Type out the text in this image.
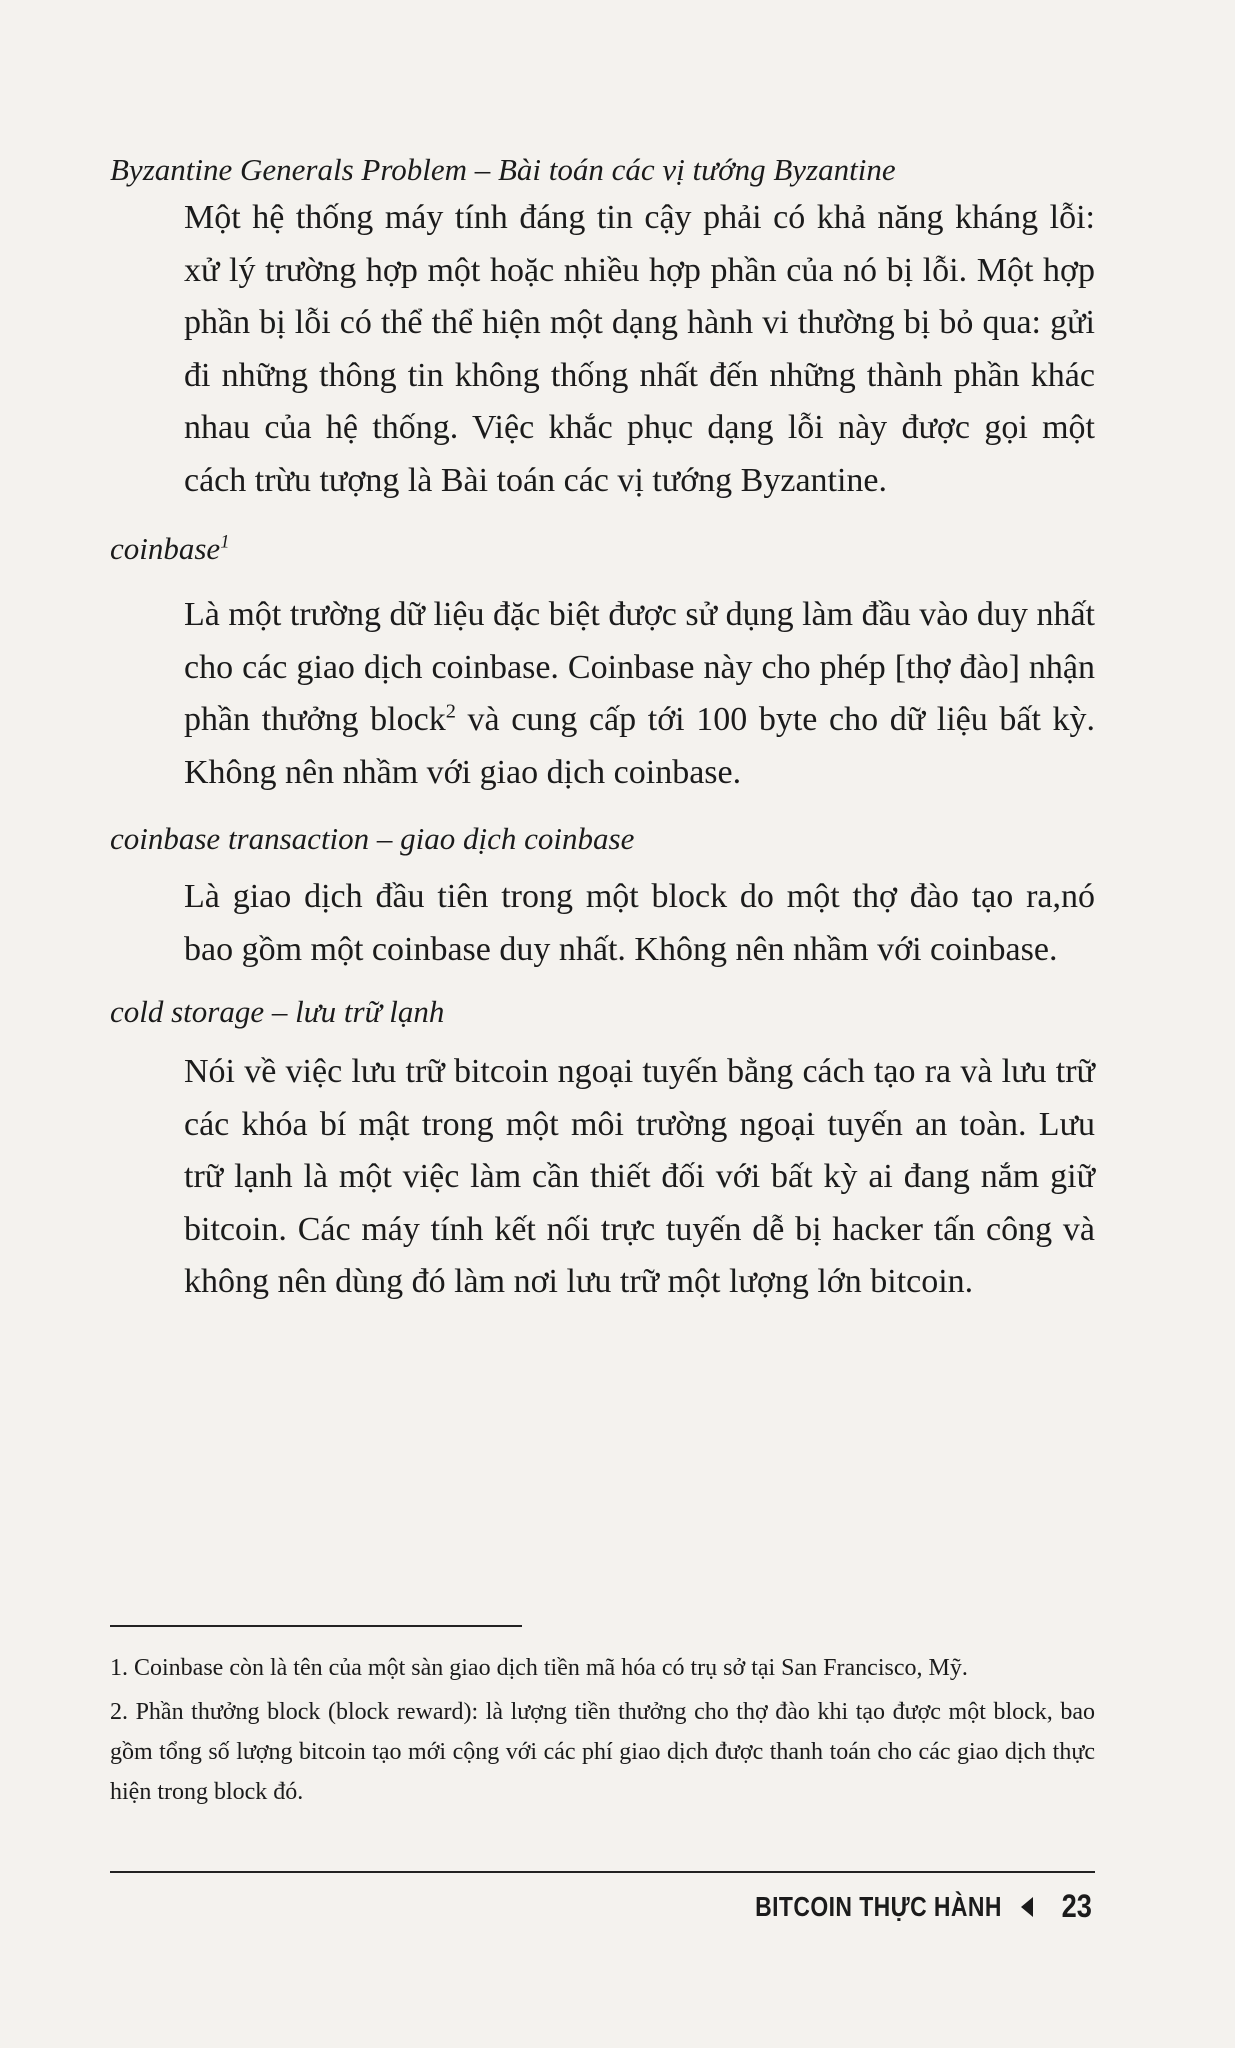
Byzantine Generals Problem – Bài toán các vị tướng Byzantine

Một hệ thống máy tính đáng tin cậy phải có khả năng kháng lỗi: xử lý trường hợp một hoặc nhiều hợp phần của nó bị lỗi. Một hợp phần bị lỗi có thể thể hiện một dạng hành vi thường bị bỏ qua: gửi đi những thông tin không thống nhất đến những thành phần khác nhau của hệ thống. Việc khắc phục dạng lỗi này được gọi một cách trừu tượng là Bài toán các vị tướng Byzantine.

coinbase$^1$

Là một trường dữ liệu đặc biệt được sử dụng làm đầu vào duy nhất cho các giao dịch coinbase. Coinbase này cho phép [thợ đào] nhận phần thưởng block$^2$ và cung cấp tới 100 byte cho dữ liệu bất kỳ. Không nên nhầm với giao dịch coinbase.

coinbase transaction – giao dịch coinbase

Là giao dịch đầu tiên trong một block do một thợ đào tạo ra,nó bao gồm một coinbase duy nhất. Không nên nhầm với coinbase.

cold storage – lưu trữ lạnh

Nói về việc lưu trữ bitcoin ngoại tuyến bằng cách tạo ra và lưu trữ các khóa bí mật trong một môi trường ngoại tuyến an toàn. Lưu trữ lạnh là một việc làm cần thiết đối với bất kỳ ai đang nắm giữ bitcoin. Các máy tính kết nối trực tuyến dễ bị hacker tấn công và không nên dùng đó làm nơi lưu trữ một lượng lớn bitcoin.

1. Coinbase còn là tên của một sàn giao dịch tiền mã hóa có trụ sở tại San Francisco, Mỹ.

2. Phần thưởng block (block reward): là lượng tiền thưởng cho thợ đào khi tạo được một block, bao gồm tổng số lượng bitcoin tạo mới cộng với các phí giao dịch được thanh toán cho các giao dịch thực hiện trong block đó.

BITCOIN THỰC HÀNH 23
